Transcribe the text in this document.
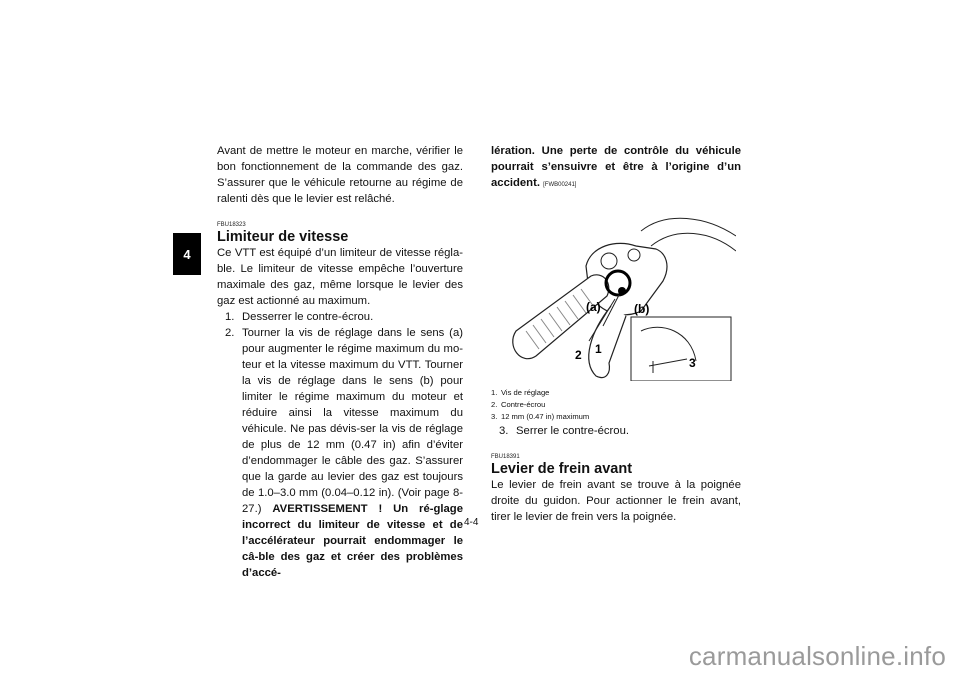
4

Avant de mettre le moteur en marche, vérifier le bon fonctionnement de la commande des gaz. S’assurer que le véhicule retourne au régime de ralenti dès que le levier est relâché.

FBU18323
Limiteur de vitesse

Ce VTT est équipé d’un limiteur de vitesse régla-ble. Le limiteur de vitesse empêche l’ouverture maximale des gaz, même lorsque le levier des gaz est actionné au maximum.

1. Desserrer le contre-écrou.
2. Tourner la vis de réglage dans le sens (a) pour augmenter le régime maximum du mo-teur et la vitesse maximum du VTT. Tourner la vis de réglage dans le sens (b) pour limiter le régime maximum du moteur et réduire ainsi la vitesse maximum du véhicule. Ne pas dévis-ser la vis de réglage de plus de 12 mm (0.47 in) afin d’éviter d’endommager le câble des gaz. S’assurer que la garde au levier des gaz est toujours de 1.0–3.0 mm (0.04–0.12 in). (Voir page 8-27.) AVERTISSEMENT ! Un ré-glage incorrect du limiteur de vitesse et de l’accélérateur pourrait endommager le câ-ble des gaz et créer des problèmes d’accé-

lération. Une perte de contrôle du véhicule pourrait s’ensuivre et être à l’origine d’un accident. [FWB00241]

(a)	(b)
1
2
3
1. Vis de réglage
2. Contre-écrou
3. 12 mm (0.47 in) maximum
3. Serrer le contre-écrou.
FBU18391
Levier de frein avant

Le levier de frein avant se trouve à la poignée droite du guidon. Pour actionner le frein avant, tirer le levier de frein vers la poignée.

4-4
carmanualsonline.info
